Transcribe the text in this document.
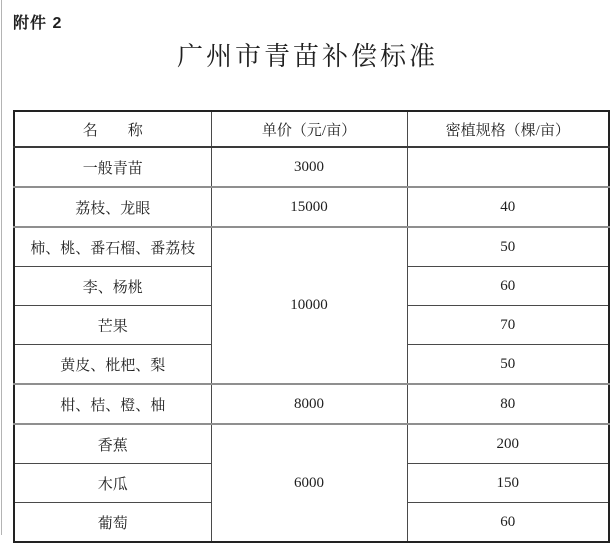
附件 2
广州市青苗补偿标准
名　　称	单价（元/亩）	密植规格（棵/亩）
一般青苗	3000	
荔枝、龙眼	15000	40
柿、桃、番石榴、番荔枝	10000	50
李、杨桃		60
芒果		70
黄皮、枇杷、梨		50
柑、桔、橙、柚	8000	80
香蕉	6000	200
木瓜		150
葡萄		60
